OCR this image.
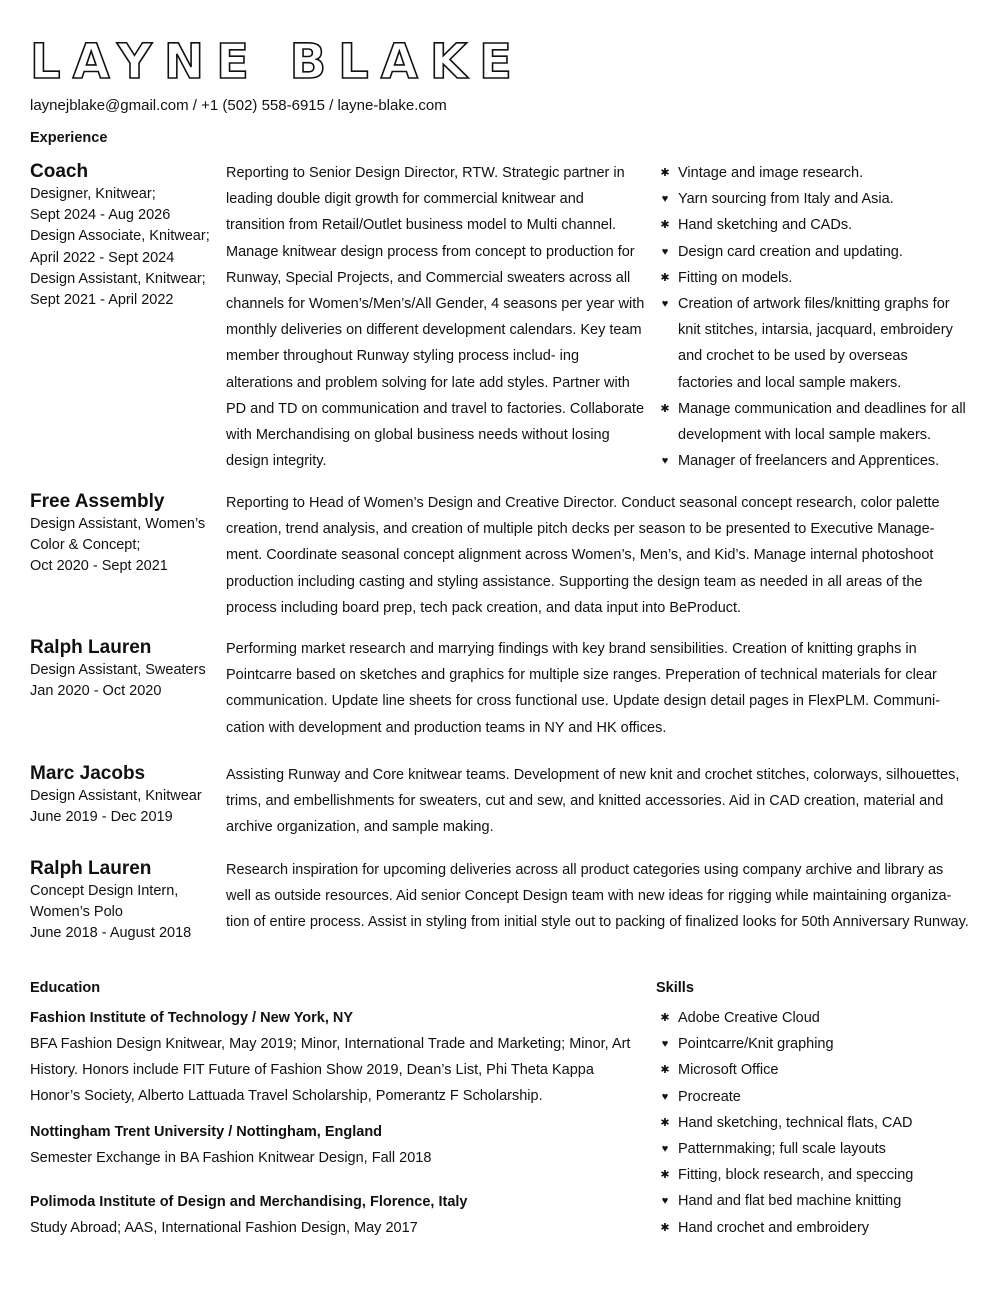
LAYNE BLAKE
laynejblake@gmail.com / +1 (502) 558-6915 / layne-blake.com
Experience
Coach
Designer, Knitwear;
Sept 2024 - Aug 2026
Design Associate, Knitwear;
April 2022 - Sept 2024
Design Assistant, Knitwear;
Sept 2021 - April 2022

Reporting to Senior Design Director, RTW. Strategic partner in leading double digit growth for commercial knitwear and transition from Retail/Outlet business model to Multi channel. Manage knitwear design process from concept to production for Runway, Special Projects, and Commercial sweaters across all channels for Women’s/Men’s/All Gender, 4 seasons per year with monthly deliveries on different development calendars. Key team member throughout Runway styling process includ- ing alterations and problem solving for late add styles. Partner with PD and TD on communication and travel to factories. Collaborate with Merchandising on global business needs without losing design integrity.

✱ Vintage and image research.
♥ Yarn sourcing from Italy and Asia.
✱ Hand sketching and CADs.
♥ Design card creation and updating.
✱ Fitting on models.
♥ Creation of artwork files/knitting graphs for knit stitches, intarsia, jacquard, embroidery and crochet to be used by overseas factories and local sample makers.
✱ Manage communication and deadlines for all development with local sample makers.
♥ Manager of freelancers and Apprentices.
Free Assembly
Design Assistant, Women’s
Color & Concept;
Oct 2020 - Sept 2021

Reporting to Head of Women’s Design and Creative Director. Conduct seasonal concept research, color palette creation, trend analysis, and creation of multiple pitch decks per season to be presented to Executive Manage- ment. Coordinate seasonal concept alignment across Women’s, Men’s, and Kid’s. Manage internal photoshoot production including casting and styling assistance. Supporting the design team as needed in all areas of the process including board prep, tech pack creation, and data input into BeProduct.

Ralph Lauren
Design Assistant, Sweaters
Jan 2020 - Oct 2020

Performing market research and marrying findings with key brand sensibilities. Creation of knitting graphs in Pointcarre based on sketches and graphics for multiple size ranges. Preperation of technical materials for clear communication. Update line sheets for cross functional use. Update design detail pages in FlexPLM. Communi- cation with development and production teams in NY and HK offices.

Marc Jacobs
Design Assistant, Knitwear
June 2019 - Dec 2019

Assisting Runway and Core knitwear teams. Development of new knit and crochet stitches, colorways, silhouettes, trims, and embellishments for sweaters, cut and sew, and knitted accessories. Aid in CAD creation, material and archive organization, and sample making.

Ralph Lauren
Concept Design Intern,
Women’s Polo
June 2018 - August 2018

Research inspiration for upcoming deliveries across all product categories using company archive and library as well as outside resources. Aid senior Concept Design team with new ideas for rigging while maintaining organiza- tion of entire process. Assist in styling from initial style out to packing of finalized looks for 50th Anniversary Runway.

Education
Fashion Institute of Technology / New York, NY

BFA Fashion Design Knitwear, May 2019; Minor, International Trade and Marketing; Minor, Art History. Honors include FIT Future of Fashion Show 2019, Dean’s List, Phi Theta Kappa Honor’s Society, Alberto Lattuada Travel Scholarship, Pomerantz F Scholarship.

Nottingham Trent University / Nottingham, England

Semester Exchange in BA Fashion Knitwear Design, Fall 2018

Polimoda Institute of Design and Merchandising, Florence, Italy

Study Abroad; AAS, International Fashion Design, May 2017

Skills
✱ Adobe Creative Cloud
♥ Pointcarre/Knit graphing
✱ Microsoft Office
♥ Procreate
✱ Hand sketching, technical flats, CAD
♥ Patternmaking; full scale layouts
✱ Fitting, block research, and speccing
♥ Hand and flat bed machine knitting
✱ Hand crochet and embroidery
